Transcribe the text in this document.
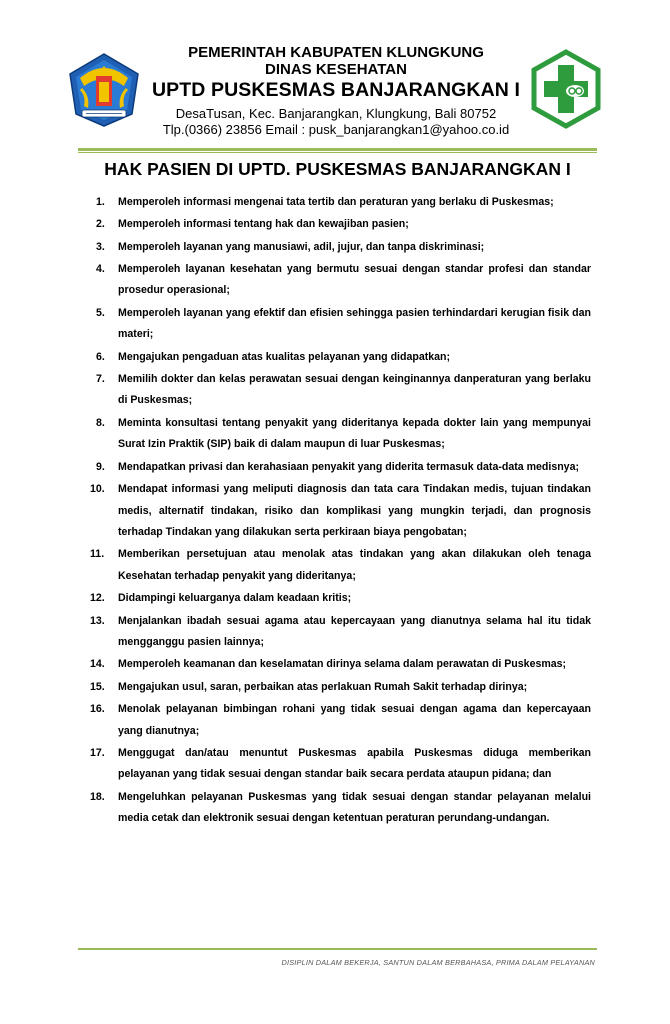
PEMERINTAH KABUPATEN KLUNGKUNG
DINAS KESEHATAN
UPTD PUSKESMAS BANJARANGKAN I
DesaTusan, Kec. Banjarangkan, Klungkung, Bali 80752
Tlp.(0366) 23856 Email : pusk_banjarangkan1@yahoo.co.id
HAK PASIEN DI UPTD. PUSKESMAS BANJARANGKAN I
1. Memperoleh informasi mengenai tata tertib dan peraturan yang berlaku di Puskesmas;
2. Memperoleh informasi tentang hak dan kewajiban pasien;
3. Memperoleh layanan yang manusiawi, adil, jujur, dan tanpa diskriminasi;
4. Memperoleh layanan kesehatan yang bermutu sesuai dengan standar profesi dan standar prosedur operasional;
5. Memperoleh layanan yang efektif dan efisien sehingga pasien terhindardari kerugian fisik dan materi;
6. Mengajukan pengaduan atas kualitas pelayanan yang didapatkan;
7. Memilih dokter dan kelas perawatan sesuai dengan keinginannya danperaturan yang berlaku di Puskesmas;
8. Meminta konsultasi tentang penyakit yang dideritanya kepada dokter lain yang mempunyai Surat Izin Praktik (SIP) baik di dalam maupun di luar Puskesmas;
9. Mendapatkan privasi dan kerahasiaan penyakit yang diderita termasuk data-data medisnya;
10. Mendapat informasi yang meliputi diagnosis dan tata cara Tindakan medis, tujuan tindakan medis, alternatif tindakan, risiko dan komplikasi yang mungkin terjadi, dan prognosis terhadap Tindakan yang dilakukan serta perkiraan biaya pengobatan;
11. Memberikan persetujuan atau menolak atas tindakan yang akan dilakukan oleh tenaga Kesehatan terhadap penyakit yang dideritanya;
12. Didampingi keluarganya dalam keadaan kritis;
13. Menjalankan ibadah sesuai agama atau kepercayaan yang dianutnya selama hal itu tidak mengganggu pasien lainnya;
14. Memperoleh keamanan dan keselamatan dirinya selama dalam perawatan di Puskesmas;
15. Mengajukan usul, saran, perbaikan atas perlakuan Rumah Sakit terhadap dirinya;
16. Menolak pelayanan bimbingan rohani yang tidak sesuai dengan agama dan kepercayaan yang dianutnya;
17. Menggugat dan/atau menuntut Puskesmas apabila Puskesmas diduga memberikan pelayanan yang tidak sesuai dengan standar baik secara perdata ataupun pidana; dan
18. Mengeluhkan pelayanan Puskesmas yang tidak sesuai dengan standar pelayanan melalui media cetak dan elektronik sesuai dengan ketentuan peraturan perundang-undangan.
DISIPLIN DALAM BEKERJA, SANTUN DALAM BERBAHASA, PRIMA DALAM PELAYANAN
